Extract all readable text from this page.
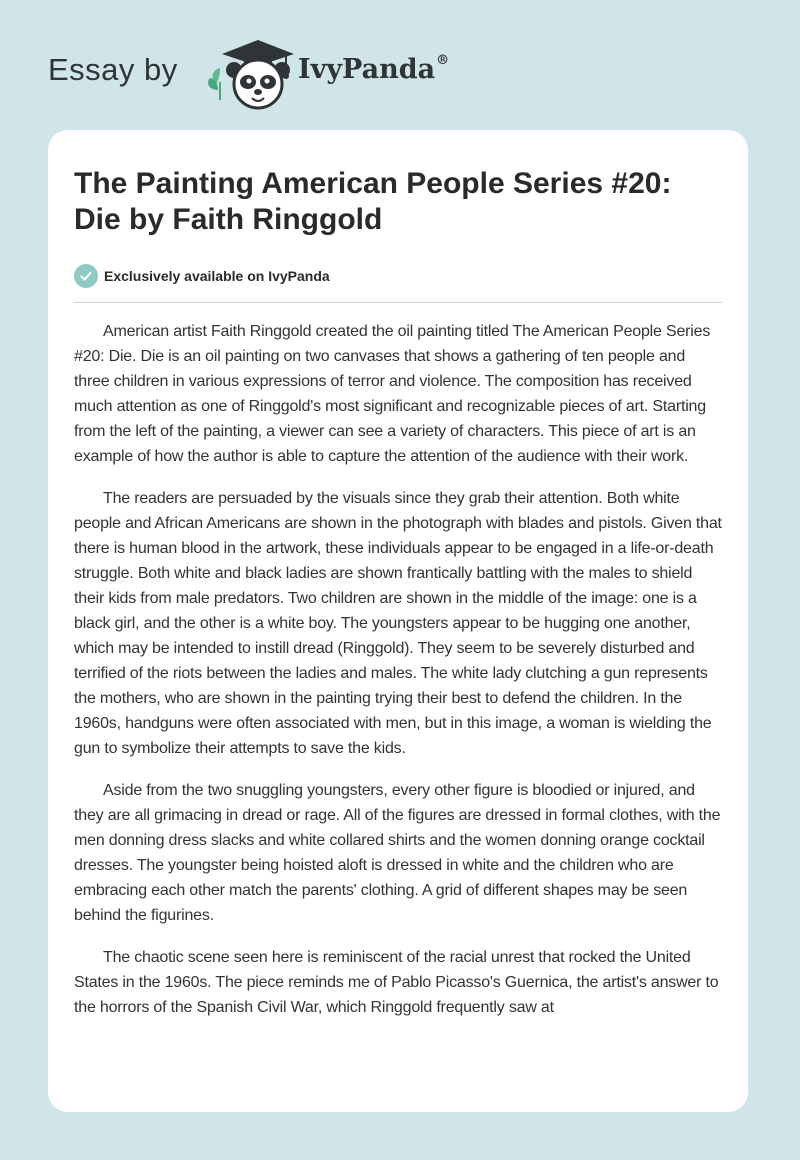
Essay by	IvyPanda®
The Painting American People Series #20: Die by Faith Ringgold
Exclusively available on IvyPanda

American artist Faith Ringgold created the oil painting titled The American People Series #20: Die. Die is an oil painting on two canvases that shows a gathering of ten people and three children in various expressions of terror and violence. The composition has received much attention as one of Ringgold's most significant and recognizable pieces of art. Starting from the left of the painting, a viewer can see a variety of characters. This piece of art is an example of how the author is able to capture the attention of the audience with their work.

The readers are persuaded by the visuals since they grab their attention. Both white people and African Americans are shown in the photograph with blades and pistols. Given that there is human blood in the artwork, these individuals appear to be engaged in a life-or-death struggle. Both white and black ladies are shown frantically battling with the males to shield their kids from male predators. Two children are shown in the middle of the image: one is a black girl, and the other is a white boy. The youngsters appear to be hugging one another, which may be intended to instill dread (Ringgold). They seem to be severely disturbed and terrified of the riots between the ladies and males. The white lady clutching a gun represents the mothers, who are shown in the painting trying their best to defend the children. In the 1960s, handguns were often associated with men, but in this image, a woman is wielding the gun to symbolize their attempts to save the kids.

Aside from the two snuggling youngsters, every other figure is bloodied or injured, and they are all grimacing in dread or rage. All of the figures are dressed in formal clothes, with the men donning dress slacks and white collared shirts and the women donning orange cocktail dresses. The youngster being hoisted aloft is dressed in white and the children who are embracing each other match the parents' clothing. A grid of different shapes may be seen behind the figurines.

The chaotic scene seen here is reminiscent of the racial unrest that rocked the United States in the 1960s. The piece reminds me of Pablo Picasso's Guernica, the artist's answer to the horrors of the Spanish Civil War, which Ringgold frequently saw at
